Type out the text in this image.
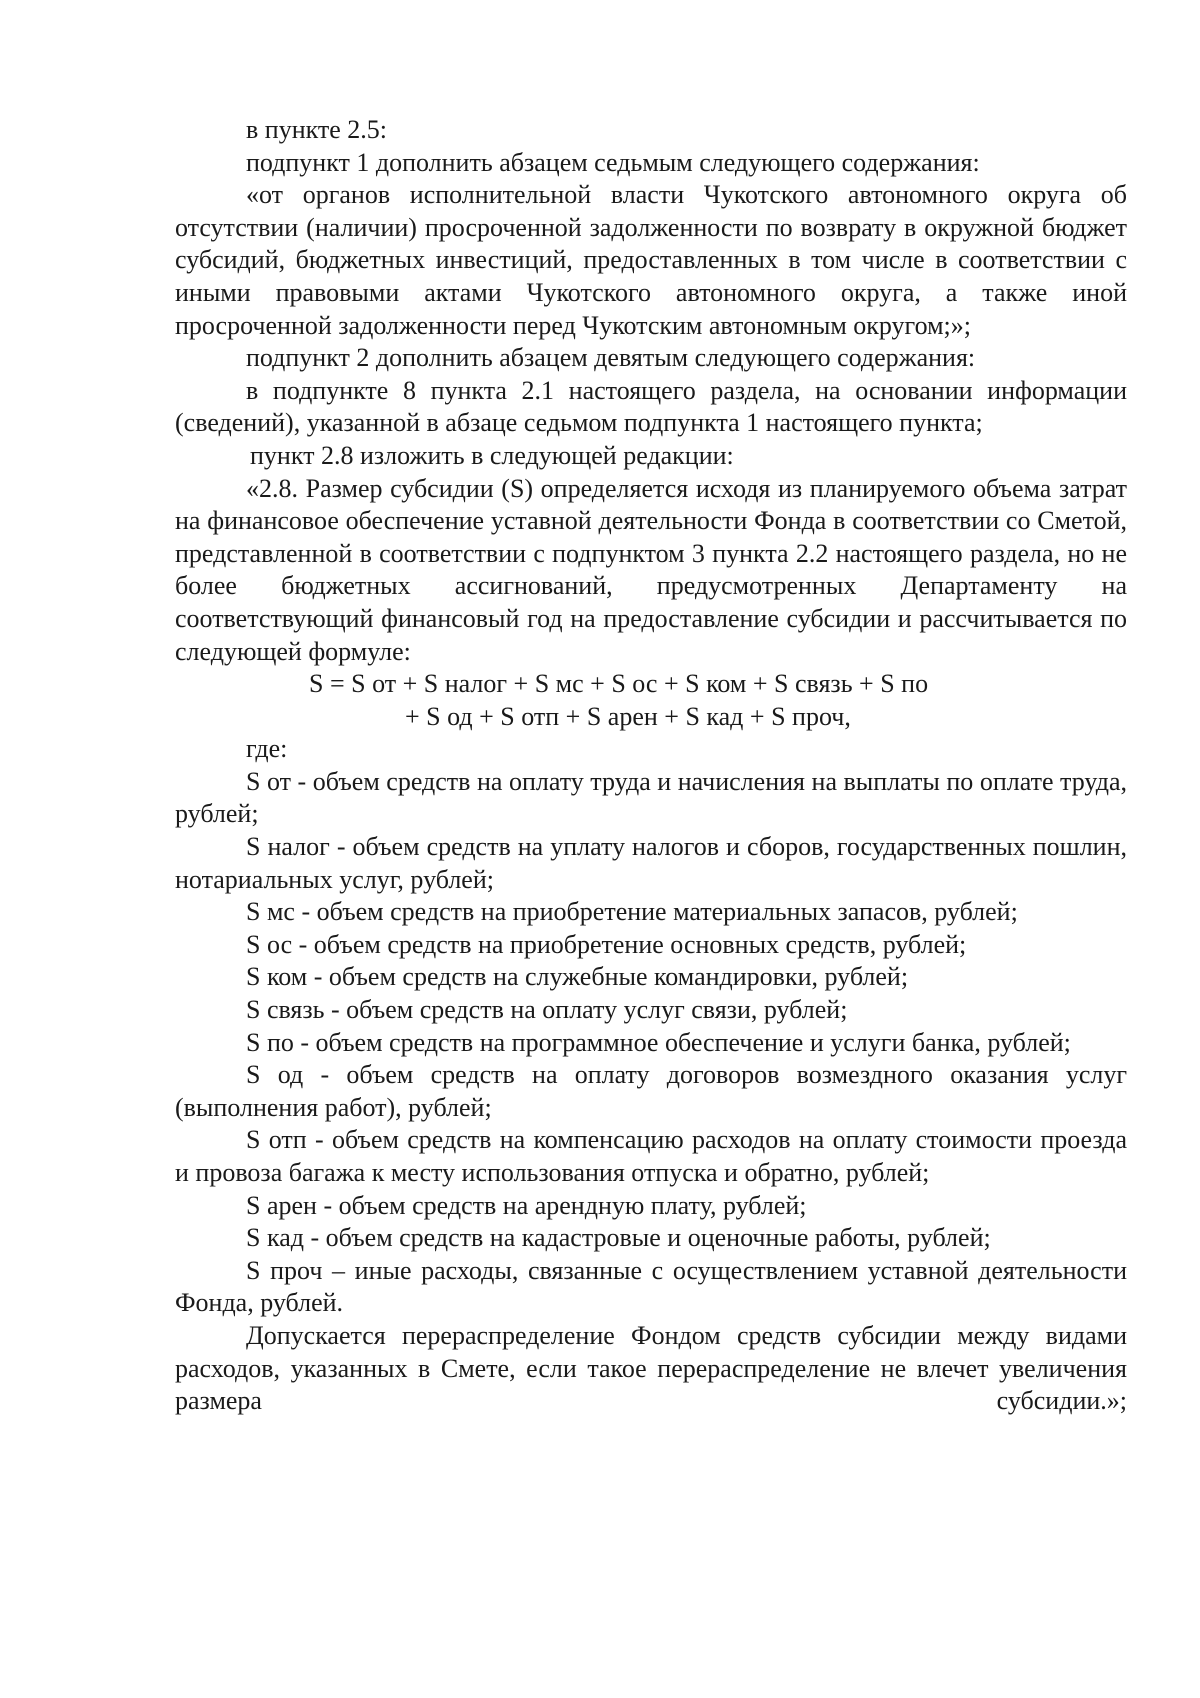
в пункте 2.5:

подпункт 1 дополнить абзацем седьмым следующего содержания:

«от органов исполнительной власти Чукотского автономного округа об отсутствии (наличии) просроченной задолженности по возврату в окружной бюджет субсидий, бюджетных инвестиций, предоставленных в том числе в соответствии с иными правовыми актами Чукотского автономного округа, а также иной просроченной задолженности перед Чукотским автономным округом;»;

подпункт 2 дополнить абзацем девятым следующего содержания:

в подпункте 8 пункта 2.1 настоящего раздела, на основании информации (сведений), указанной в абзаце седьмом подпункта 1 настоящего пункта;

пункт 2.8 изложить в следующей редакции:

«2.8. Размер субсидии (S) определяется исходя из планируемого объема затрат на финансовое обеспечение уставной деятельности Фонда в соответствии со Сметой, представленной в соответствии с подпунктом 3 пункта 2.2 настоящего раздела, но не более бюджетных ассигнований, предусмотренных Департаменту на соответствующий финансовый год на предоставление субсидии и рассчитывается по следующей формуле:

S = S от + S налог + S мс + S ос + S ком + S связь + S по
+ S од + S отп + S арен + S кад + S проч,

где:

S от - объем средств на оплату труда и начисления на выплаты по оплате труда, рублей;

S налог - объем средств на уплату налогов и сборов, государственных пошлин, нотариальных услуг, рублей;

S мс - объем средств на приобретение материальных запасов, рублей;

S ос - объем средств на приобретение основных средств, рублей;

S ком - объем средств на служебные командировки, рублей;

S связь - объем средств на оплату услуг связи, рублей;

S по - объем средств на программное обеспечение и услуги банка, рублей;

S од - объем средств на оплату договоров возмездного оказания услуг (выполнения работ), рублей;

S отп - объем средств на компенсацию расходов на оплату стоимости проезда и провоза багажа к месту использования отпуска и обратно, рублей;

S арен - объем средств на арендную плату, рублей;

S кад - объем средств на кадастровые и оценочные работы, рублей;

S проч – иные расходы, связанные с осуществлением уставной деятельности Фонда, рублей.

Допускается перераспределение Фондом средств субсидии между видами расходов, указанных в Смете, если такое перераспределение не влечет увеличения размера субсидии.»;
